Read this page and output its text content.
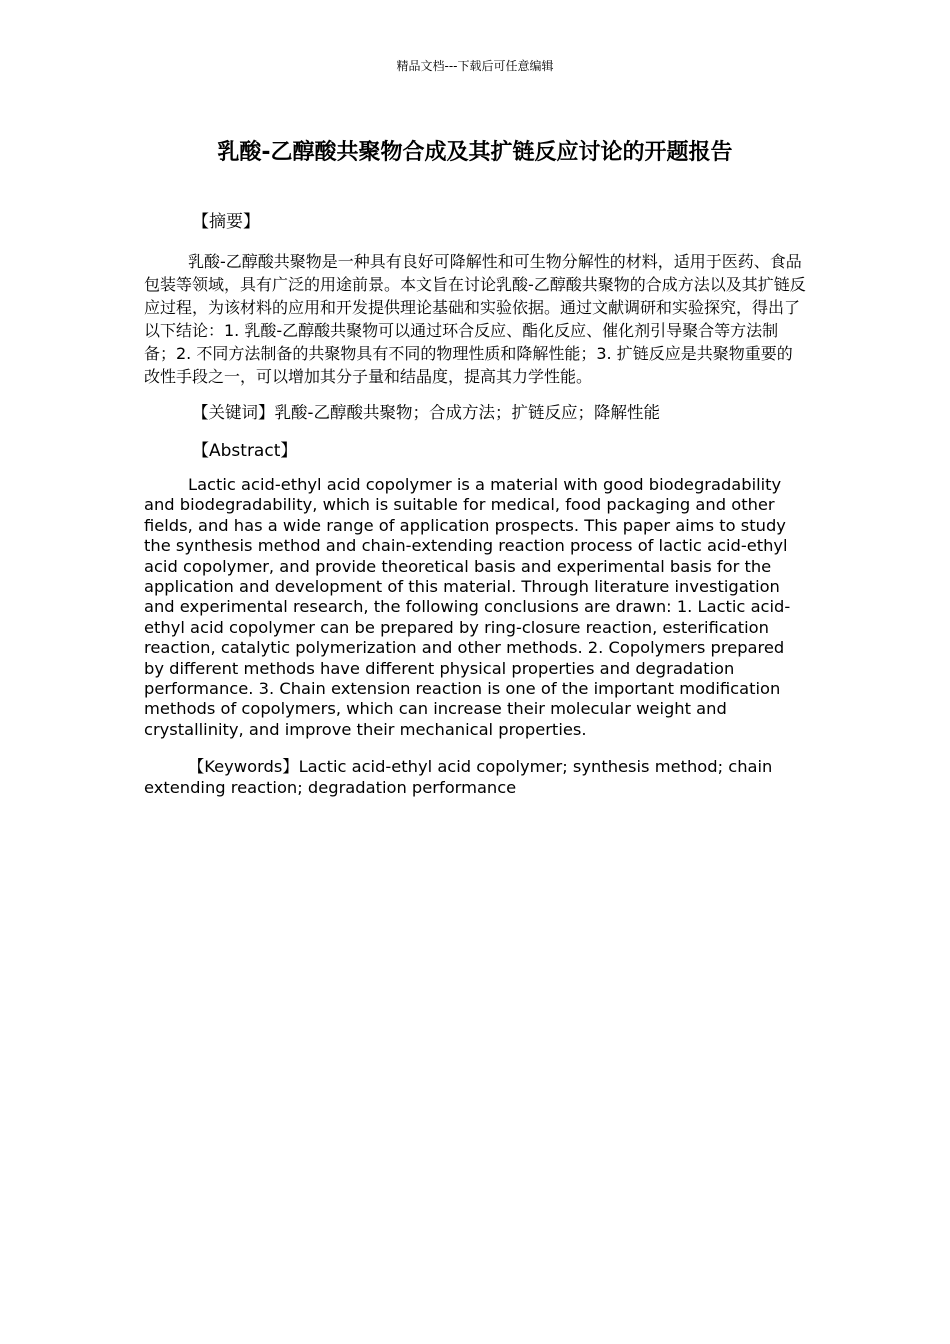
精品文档---下载后可任意编辑
乳酸-乙醇酸共聚物合成及其扩链反应讨论的开题报告

【摘要】

乳酸-乙醇酸共聚物是一种具有良好可降解性和可生物分解性的材料，适用于医药、食品包装等领域，具有广泛的用途前景。本文旨在讨论乳酸-乙醇酸共聚物的合成方法以及其扩链反应过程，为该材料的应用和开发提供理论基础和实验依据。通过文献调研和实验探究，得出了以下结论：1. 乳酸-乙醇酸共聚物可以通过环合反应、酯化反应、催化剂引导聚合等方法制备；2. 不同方法制备的共聚物具有不同的物理性质和降解性能；3. 扩链反应是共聚物重要的改性手段之一，可以增加其分子量和结晶度，提高其力学性能。

【关键词】乳酸-乙醇酸共聚物；合成方法；扩链反应；降解性能

【Abstract】

Lactic acid-ethyl acid copolymer is a material with good biodegradability and biodegradability, which is suitable for medical, food packaging and other fields, and has a wide range of application prospects. This paper aims to study the synthesis method and chain-extending reaction process of lactic acid-ethyl acid copolymer, and provide theoretical basis and experimental basis for the application and development of this material. Through literature investigation and experimental research, the following conclusions are drawn: 1. Lactic acid-ethyl acid copolymer can be prepared by ring-closure reaction, esterification reaction, catalytic polymerization and other methods. 2. Copolymers prepared by different methods have different physical properties and degradation performance. 3. Chain extension reaction is one of the important modification methods of copolymers, which can increase their molecular weight and crystallinity, and improve their mechanical properties.

【Keywords】Lactic acid-ethyl acid copolymer; synthesis method; chain extending reaction; degradation performance
